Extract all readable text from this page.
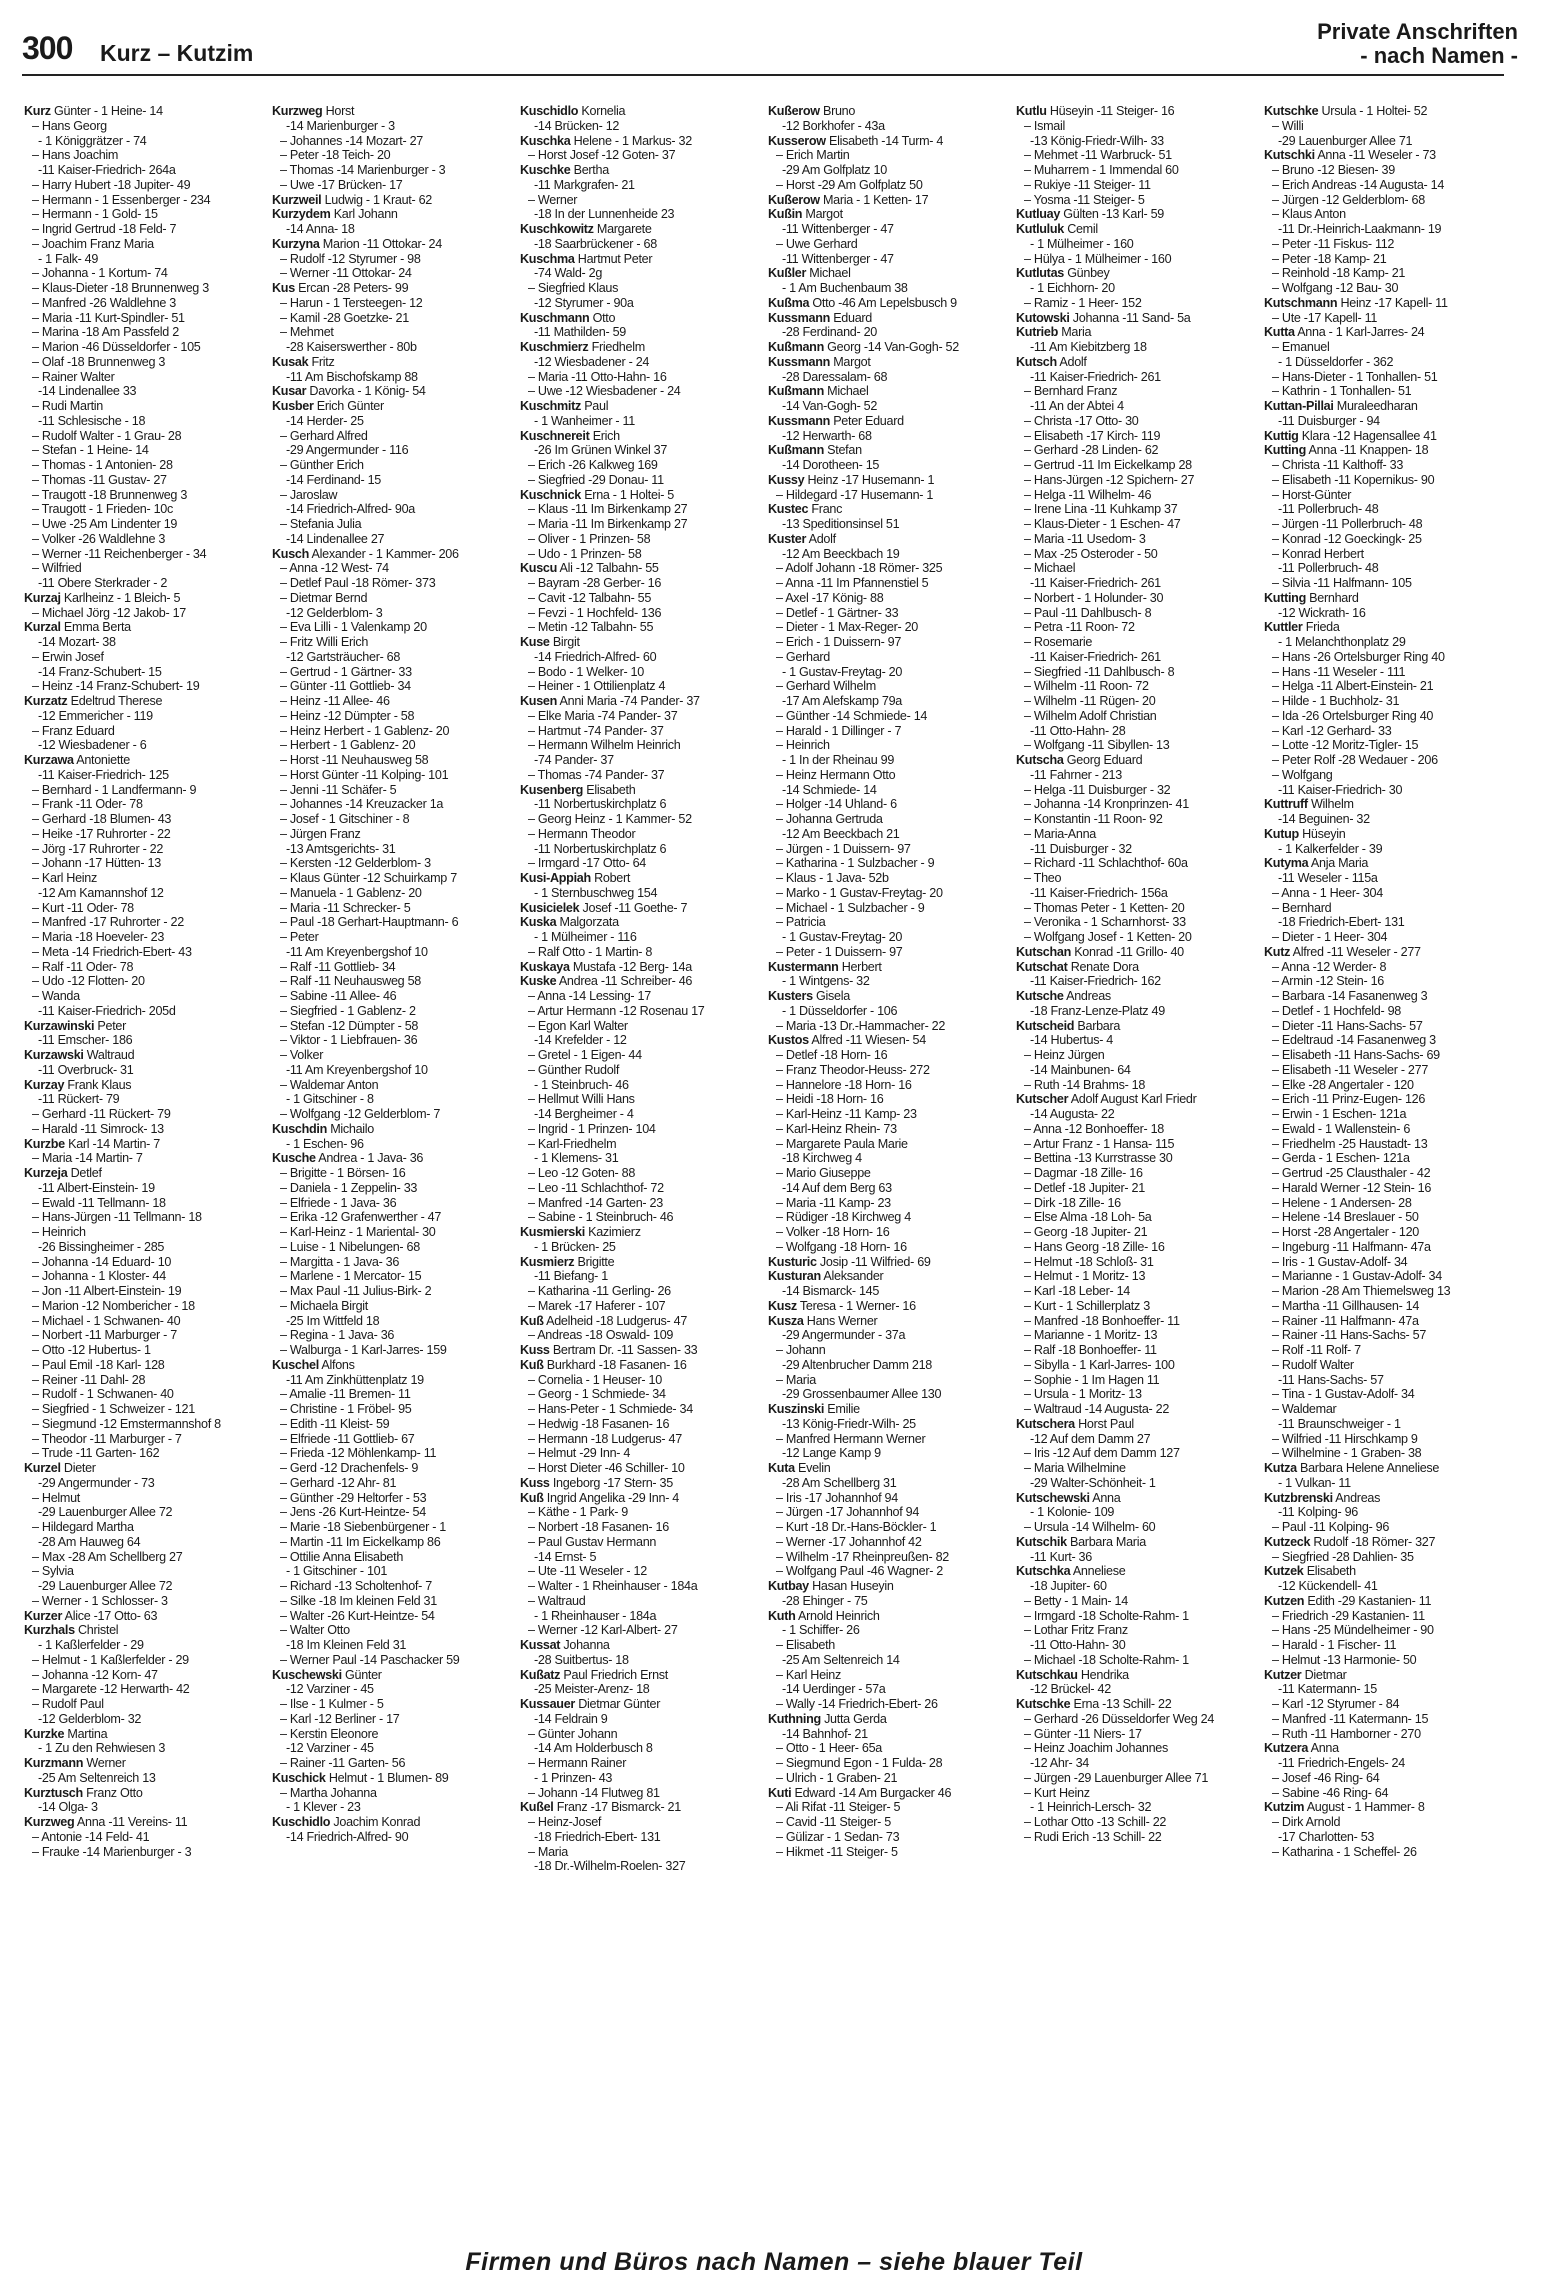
300 Kurz – Kutzim
Private Anschriften
- nach Namen -
Kurz Günter - 1 Heine- 14
– Hans Georg
- 1 Königgrätzer - 74
– Hans Joachim
-11 Kaiser-Friedrich- 264a
– Harry Hubert -18 Jupiter- 49
– Hermann - 1 Essenberger - 234
– Hermann - 1 Gold- 15
– Ingrid Gertrud -18 Feld- 7
– Joachim Franz Maria
- 1 Falk- 49
– Johanna - 1 Kortum- 74
– Klaus-Dieter -18 Brunnenweg 3
– Manfred -26 Waldlehne 3
– Maria -11 Kurt-Spindler- 51
– Marina -18 Am Passfeld 2
– Marion -46 Düsseldorfer - 105
– Olaf -18 Brunnenweg 3
– Rainer Walter
-14 Lindenallee 33
– Rudi Martin
-11 Schlesische - 18
– Rudolf Walter - 1 Grau- 28
– Stefan - 1 Heine- 14
– Thomas - 1 Antonien- 28
– Thomas -11 Gustav- 27
– Traugott -18 Brunnenweg 3
– Traugott - 1 Frieden- 10c
– Uwe -25 Am Lindenter 19
– Volker -26 Waldlehne 3
– Werner -11 Reichenberger - 34
– Wilfried
-11 Obere Sterkrader - 2
Kurzaj Karlheinz - 1 Bleich- 5
– Michael Jörg -12 Jakob- 17
Kurzal Emma Berta
-14 Mozart- 38
– Erwin Josef
-14 Franz-Schubert- 15
– Heinz -14 Franz-Schubert- 19
Kurzatz Edeltrud Therese
-12 Emmericher - 119
– Franz Eduard
-12 Wiesbadener - 6
Kurzawa Antoniette
-11 Kaiser-Friedrich- 125
– Bernhard - 1 Landfermann- 9
– Frank -11 Oder- 78
– Gerhard -18 Blumen- 43
– Heike -17 Ruhrorter - 22
– Jörg -17 Ruhrorter - 22
– Johann -17 Hütten- 13
– Karl Heinz
-12 Am Kamannshof 12
– Kurt -11 Oder- 78
– Manfred -17 Ruhrorter - 22
– Maria -18 Hoeveler- 23
– Meta -14 Friedrich-Ebert- 43
– Ralf -11 Oder- 78
– Udo -12 Flotten- 20
– Wanda
-11 Kaiser-Friedrich- 205d
Kurzawinski Peter
-11 Emscher- 186
Kurzawski Waltraud
-11 Overbruck- 31
Kurzay Frank Klaus
-11 Rückert- 79
– Gerhard -11 Rückert- 79
– Harald -11 Simrock- 13
Kurzbe Karl -14 Martin- 7
– Maria -14 Martin- 7
Kurzeja Detlef
-11 Albert-Einstein- 19
– Ewald -11 Tellmann- 18
– Hans-Jürgen -11 Tellmann- 18
– Heinrich
-26 Bissingheimer - 285
– Johanna -14 Eduard- 10
– Johanna - 1 Kloster- 44
– Jon -11 Albert-Einstein- 19
– Marion -12 Nombericher - 18
– Michael - 1 Schwanen- 40
– Norbert -11 Marburger - 7
– Otto -12 Hubertus- 1
– Paul Emil -18 Karl- 128
– Reiner -11 Dahl- 28
– Rudolf - 1 Schwanen- 40
– Siegfried - 1 Schweizer - 121
– Siegmund -12 Emstermannshof 8
– Theodor -11 Marburger - 7
– Trude -11 Garten- 162
Kurzel Dieter
-29 Angermunder - 73
– Helmut
-29 Lauenburger Allee 72
– Hildegard Martha
-28 Am Hauweg 64
– Max -28 Am Schellberg 27
– Sylvia
-29 Lauenburger Allee 72
– Werner - 1 Schlosser- 3
Kurzer Alice -17 Otto- 63
Kurzhals Christel
- 1 Kaßlerfelder - 29
– Helmut - 1 Kaßlerfelder - 29
– Johanna -12 Korn- 47
– Margarete -12 Herwarth- 42
– Rudolf Paul
-12 Gelderblom- 32
Kurzke Martina
- 1 Zu den Rehwiesen 3
Kurzmann Werner
-25 Am Seltenreich 13
Kurztusch Franz Otto
-14 Olga- 3
Kurzweg Anna -11 Vereins- 11
– Antonie -14 Feld- 41
– Frauke -14 Marienburger - 3
Kurzweg Horst
-14 Marienburger - 3
– Johannes -14 Mozart- 27
– Peter -18 Teich- 20
– Thomas -14 Marienburger - 3
– Uwe -17 Brücken- 17
Kurzweil Ludwig - 1 Kraut- 62
Kurzydem Karl Johann
-14 Anna- 18
Kurzyna Marion -11 Ottokar- 24
– Rudolf -12 Styrumer - 98
– Werner -11 Ottokar- 24
Kus Ercan -28 Peters- 99
– Harun - 1 Tersteegen- 12
– Kamil -28 Goetzke- 21
– Mehmet
-28 Kaiserswerther - 80b
Kusak Fritz
-11 Am Bischofskamp 88
Kusar Davorka - 1 König- 54
Kusber Erich Günter
-14 Herder- 25
– Gerhard Alfred
-29 Angermunder - 116
– Günther Erich
-14 Ferdinand- 15
– Jaroslaw
-14 Friedrich-Alfred- 90a
– Stefania Julia
-14 Lindenallee 27
Kusch Alexander - 1 Kammer- 206
– Anna -12 West- 74
– Detlef Paul -18 Römer- 373
– Dietmar Bernd
-12 Gelderblom- 3
– Eva Lilli - 1 Valenkamp 20
– Fritz Willi Erich
-12 Gartsträucher- 68
– Gertrud - 1 Gärtner- 33
– Günter -11 Gottlieb- 34
– Heinz -11 Allee- 46
– Heinz -12 Dümpter - 58
– Heinz Herbert - 1 Gablenz- 20
– Herbert - 1 Gablenz- 20
– Horst -11 Neuhausweg 58
– Horst Günter -11 Kolping- 101
– Jenni -11 Schäfer- 5
– Johannes -14 Kreuzacker 1a
– Josef - 1 Gitschiner - 8
– Jürgen Franz
-13 Amtsgerichts- 31
– Kersten -12 Gelderblom- 3
– Klaus Günter -12 Schuirkamp 7
– Manuela - 1 Gablenz- 20
– Maria -11 Schrecker- 5
– Paul -18 Gerhart-Hauptmann- 6
– Peter
-11 Am Kreyenbergshof 10
– Ralf -11 Gottlieb- 34
– Ralf -11 Neuhausweg 58
– Sabine -11 Allee- 46
– Siegfried - 1 Gablenz- 2
– Stefan -12 Dümpter - 58
– Viktor - 1 Liebfrauen- 36
– Volker
-11 Am Kreyenbergshof 10
– Waldemar Anton
- 1 Gitschiner - 8
– Wolfgang -12 Gelderblom- 7
Kuschdin Michailo
- 1 Eschen- 96
Kusche Andrea - 1 Java- 36
– Brigitte - 1 Börsen- 16
– Daniela - 1 Zeppelin- 33
– Elfriede - 1 Java- 36
– Erika -12 Grafenwerther - 47
– Karl-Heinz - 1 Mariental- 30
– Luise - 1 Nibelungen- 68
– Margitta - 1 Java- 36
– Marlene - 1 Mercator- 15
– Max Paul -11 Julius-Birk- 2
– Michaela Birgit
-25 Im Wittfeld 18
– Regina - 1 Java- 36
– Walburga - 1 Karl-Jarres- 159
Kuschel Alfons
-11 Am Zinkhüttenplatz 19
– Amalie -11 Bremen- 11
– Christine - 1 Fröbel- 95
– Edith -11 Kleist- 59
– Elfriede -11 Gottlieb- 67
– Frieda -12 Möhlenkamp- 11
– Gerd -12 Drachenfels- 9
– Gerhard -12 Ahr- 81
– Günther -29 Heltorfer - 53
– Jens -26 Kurt-Heintze- 54
– Marie -18 Siebenbürgener - 1
– Martin -11 Im Eickelkamp 86
– Ottilie Anna Elisabeth
- 1 Gitschiner - 101
– Richard -13 Scholtenhof- 7
– Silke -18 Im kleinen Feld 31
– Walter -26 Kurt-Heintze- 54
– Walter Otto
-18 Im Kleinen Feld 31
– Werner Paul -14 Paschacker 59
Kuschewski Günter
-12 Varziner - 45
– Ilse - 1 Kulmer - 5
– Karl -12 Berliner - 17
– Kerstin Eleonore
-12 Varziner - 45
– Rainer -11 Garten- 56
Kuschick Helmut - 1 Blumen- 89
– Martha Johanna
- 1 Klever - 23
Kuschidlo Joachim Konrad
-14 Friedrich-Alfred- 90
Kuschidlo Kornelia
-14 Brücken- 12
Kuschka Helene - 1 Markus- 32
– Horst Josef -12 Goten- 37
Kuschke Bertha
-11 Markgrafen- 21
– Werner
-18 In der Lunnenheide 23
Kuschkowitz Margarete
-18 Saarbrückener - 68
Kuschma Hartmut Peter
-74 Wald- 2g
– Siegfried Klaus
-12 Styrumer - 90a
Kuschmann Otto
-11 Mathilden- 59
Kuschmierz Friedhelm
-12 Wiesbadener - 24
– Maria -11 Otto-Hahn- 16
– Uwe -12 Wiesbadener - 24
Kuschmitz Paul
- 1 Wanheimer - 11
Kuschnereit Erich
-26 Im Grünen Winkel 37
– Erich -26 Kalkweg 169
– Siegfried -29 Donau- 11
Kuschnick Erna - 1 Holtei- 5
– Klaus -11 Im Birkenkamp 27
– Maria -11 Im Birkenkamp 27
– Oliver - 1 Prinzen- 58
– Udo - 1 Prinzen- 58
Kuscu Ali -12 Talbahn- 55
– Bayram -28 Gerber- 16
– Cavit -12 Talbahn- 55
– Fevzi - 1 Hochfeld- 136
– Metin -12 Talbahn- 55
Kuse Birgit
-14 Friedrich-Alfred- 60
– Bodo - 1 Welker- 10
– Heiner - 1 Ottilienplatz 4
Kusen Anni Maria -74 Pander- 37
– Elke Maria -74 Pander- 37
– Hartmut -74 Pander- 37
– Hermann Wilhelm Heinrich
-74 Pander- 37
– Thomas -74 Pander- 37
Kusenberg Elisabeth
-11 Norbertuskirchplatz 6
– Georg Heinz - 1 Kammer- 52
– Hermann Theodor
-11 Norbertuskirchplatz 6
– Irmgard -17 Otto- 64
Kusi-Appiah Robert
- 1 Sternbuschweg 154
Kusicielek Josef -11 Goethe- 7
Kuska Malgorzata
- 1 Mülheimer - 116
– Ralf Otto - 1 Martin- 8
Kuskaya Mustafa -12 Berg- 14a
Kuske Andrea -11 Schreiber- 46
– Anna -14 Lessing- 17
– Artur Hermann -12 Rosenau 17
– Egon Karl Walter
-14 Krefelder - 12
– Gretel - 1 Eigen- 44
– Günther Rudolf
- 1 Steinbruch- 46
– Hellmut Willi Hans
-14 Bergheimer - 4
– Ingrid - 1 Prinzen- 104
– Karl-Friedhelm
- 1 Klemens- 31
– Leo -12 Goten- 88
– Leo -11 Schlachthof- 72
– Manfred -14 Garten- 23
– Sabine - 1 Steinbruch- 46
Kusmierski Kazimierz
- 1 Brücken- 25
Kusmierz Brigitte
-11 Biefang- 1
– Katharina -11 Gerling- 26
– Marek -17 Haferer - 107
Kuß Adelheid -18 Ludgerus- 47
– Andreas -18 Oswald- 109
Kuss Bertram Dr. -11 Sassen- 33
Kuß Burkhard -18 Fasanen- 16
– Cornelia - 1 Heuser- 10
– Georg - 1 Schmiede- 34
– Hans-Peter - 1 Schmiede- 34
– Hedwig -18 Fasanen- 16
– Hermann -18 Ludgerus- 47
– Helmut -29 Inn- 4
– Horst Dieter -46 Schiller- 10
Kuss Ingeborg -17 Stern- 35
Kuß Ingrid Angelika -29 Inn- 4
– Käthe - 1 Park- 9
– Norbert -18 Fasanen- 16
– Paul Gustav Hermann
-14 Ernst- 5
– Ute -11 Weseler - 12
– Walter - 1 Rheinhauser - 184a
– Waltraud
- 1 Rheinhauser - 184a
– Werner -12 Karl-Albert- 27
Kussat Johanna
-28 Suitbertus- 18
Kußatz Paul Friedrich Ernst
-25 Meister-Arenz- 18
Kussauer Dietmar Günter
-14 Feldrain 9
– Günter Johann
-14 Am Holderbusch 8
– Hermann Rainer
- 1 Prinzen- 43
– Johann -14 Flutweg 81
Kußel Franz -17 Bismarck- 21
– Heinz-Josef
-18 Friedrich-Ebert- 131
– Maria
-18 Dr.-Wilhelm-Roelen- 327
Kußerow Bruno
-12 Borkhofer - 43a
Kusserow Elisabeth -14 Turm- 4
– Erich Martin
-29 Am Golfplatz 10
– Horst -29 Am Golfplatz 50
Kußerow Maria - 1 Ketten- 17
Kußin Margot
-11 Wittenberger - 47
– Uwe Gerhard
-11 Wittenberger - 47
Kußler Michael
- 1 Am Buchenbaum 38
Kußma Otto -46 Am Lepelsbusch 9
Kussmann Eduard
-28 Ferdinand- 20
Kußmann Georg -14 Van-Gogh- 52
Kussmann Margot
-28 Daressalam- 68
Kußmann Michael
-14 Van-Gogh- 52
Kussmann Peter Eduard
-12 Herwarth- 68
Kußmann Stefan
-14 Dorotheen- 15
Kussy Heinz -17 Husemann- 1
– Hildegard -17 Husemann- 1
Kustec Franc
-13 Speditionsinsel 51
Kuster Adolf
-12 Am Beeckbach 19
– Adolf Johann -18 Römer- 325
– Anna -11 Im Pfannenstiel 5
– Axel -17 König- 88
– Detlef - 1 Gärtner- 33
– Dieter - 1 Max-Reger- 20
– Erich - 1 Duissern- 97
– Gerhard
- 1 Gustav-Freytag- 20
– Gerhard Wilhelm
-17 Am Alefskamp 79a
– Günther -14 Schmiede- 14
– Harald - 1 Dillinger - 7
– Heinrich
- 1 In der Rheinau 99
– Heinz Hermann Otto
-14 Schmiede- 14
– Holger -14 Uhland- 6
– Johanna Gertruda
-12 Am Beeckbach 21
– Jürgen - 1 Duissern- 97
– Katharina - 1 Sulzbacher - 9
– Klaus - 1 Java- 52b
– Marko - 1 Gustav-Freytag- 20
– Michael - 1 Sulzbacher - 9
– Patricia
- 1 Gustav-Freytag- 20
– Peter - 1 Duissern- 97
Kustermann Herbert
- 1 Wintgens- 32
Kusters Gisela
- 1 Düsseldorfer - 106
– Maria -13 Dr.-Hammacher- 22
Kustos Alfred -11 Wiesen- 54
– Detlef -18 Horn- 16
– Franz Theodor-Heuss- 272
– Hannelore -18 Horn- 16
– Heidi -18 Horn- 16
– Karl-Heinz -11 Kamp- 23
– Karl-Heinz Rhein- 73
– Margarete Paula Marie
-18 Kirchweg 4
– Mario Giuseppe
-14 Auf dem Berg 63
– Maria -11 Kamp- 23
– Rüdiger -18 Kirchweg 4
– Volker -18 Horn- 16
– Wolfgang -18 Horn- 16
Kusturic Josip -11 Wilfried- 69
Kusturan Aleksander
-14 Bismarck- 145
Kusz Teresa - 1 Werner- 16
Kusza Hans Werner
-29 Angermunder - 37a
– Johann
-29 Altenbrucher Damm 218
– Maria
-29 Grossenbaumer Allee 130
Kuszinski Emilie
-13 König-Friedr-Wilh- 25
– Manfred Hermann Werner
-12 Lange Kamp 9
Kuta Evelin
-28 Am Schellberg 31
– Iris -17 Johannhof 94
– Jürgen -17 Johannhof 94
– Kurt -18 Dr.-Hans-Böckler- 1
– Werner -17 Johannhof 42
– Wilhelm -17 Rheinpreußen- 82
– Wolfgang Paul -46 Wagner- 2
Kutbay Hasan Huseyin
-28 Ehinger - 75
Kuth Arnold Heinrich
- 1 Schiffer- 26
– Elisabeth
-25 Am Seltenreich 14
– Karl Heinz
-14 Uerdinger - 57a
– Wally -14 Friedrich-Ebert- 26
Kuthning Jutta Gerda
-14 Bahnhof- 21
– Otto - 1 Heer- 65a
– Siegmund Egon - 1 Fulda- 28
– Ulrich - 1 Graben- 21
Kuti Edward -14 Am Burgacker 46
– Ali Rifat -11 Steiger- 5
– Cavid -11 Steiger- 5
– Gülizar - 1 Sedan- 73
– Hikmet -11 Steiger- 5
Kutlu Hüseyin -11 Steiger- 16
– Ismail
-13 König-Friedr-Wilh- 33
– Mehmet -11 Warbruck- 51
– Muharrem - 1 Immendal 60
– Rukiye -11 Steiger- 11
– Yosma -11 Steiger- 5
Kutluay Gülten -13 Karl- 59
Kutluluk Cemil
- 1 Mülheimer - 160
– Hülya - 1 Mülheimer - 160
Kutlutas Günbey
- 1 Eichhorn- 20
– Ramiz - 1 Heer- 152
Kutowski Johanna -11 Sand- 5a
Kutrieb Maria
-11 Am Kiebitzberg 18
Kutsch Adolf
-11 Kaiser-Friedrich- 261
– Bernhard Franz
-11 An der Abtei 4
– Christa -17 Otto- 30
– Elisabeth -17 Kirch- 119
– Gerhard -28 Linden- 62
– Gertrud -11 Im Eickelkamp 28
– Hans-Jürgen -12 Spichern- 27
– Helga -11 Wilhelm- 46
– Irene Lina -11 Kuhkamp 37
– Klaus-Dieter - 1 Eschen- 47
– Maria -11 Usedom- 3
– Max -25 Osteroder - 50
– Michael
-11 Kaiser-Friedrich- 261
– Norbert - 1 Holunder- 30
– Paul -11 Dahlbusch- 8
– Petra -11 Roon- 72
– Rosemarie
-11 Kaiser-Friedrich- 261
– Siegfried -11 Dahlbusch- 8
– Wilhelm -11 Roon- 72
– Wilhelm -11 Rügen- 20
– Wilhelm Adolf Christian
-11 Otto-Hahn- 28
– Wolfgang -11 Sibyllen- 13
Kutscha Georg Eduard
-11 Fahrner - 213
– Helga -11 Duisburger - 32
– Johanna -14 Kronprinzen- 41
– Konstantin -11 Roon- 92
– Maria-Anna
-11 Duisburger - 32
– Richard -11 Schlachthof- 60a
– Theo
-11 Kaiser-Friedrich- 156a
– Thomas Peter - 1 Ketten- 20
– Veronika - 1 Scharnhorst- 33
– Wolfgang Josef - 1 Ketten- 20
Kutschan Konrad -11 Grillo- 40
Kutschat Renate Dora
-11 Kaiser-Friedrich- 162
Kutsche Andreas
-18 Franz-Lenze-Platz 49
Kutscheid Barbara
-14 Hubertus- 4
– Heinz Jürgen
-14 Mainbunen- 64
– Ruth -14 Brahms- 18
Kutscher Adolf August Karl Friedr
-14 Augusta- 22
– Anna -12 Bonhoeffer- 18
– Artur Franz - 1 Hansa- 115
– Bettina -13 Kurrstrasse 30
– Dagmar -18 Zille- 16
– Detlef -18 Jupiter- 21
– Dirk -18 Zille- 16
– Else Alma -18 Loh- 5a
– Georg -18 Jupiter- 21
– Hans Georg -18 Zille- 16
– Helmut -18 Schloß- 31
– Helmut - 1 Moritz- 13
– Karl -18 Leber- 14
– Kurt - 1 Schillerplatz 3
– Manfred -18 Bonhoeffer- 11
– Marianne - 1 Moritz- 13
– Ralf -18 Bonhoeffer- 11
– Sibylla - 1 Karl-Jarres- 100
– Sophie - 1 Im Hagen 11
– Ursula - 1 Moritz- 13
– Waltraud -14 Augusta- 22
Kutschera Horst Paul
-12 Auf dem Damm 27
– Iris -12 Auf dem Damm 127
– Maria Wilhelmine
-29 Walter-Schönheit- 1
Kutschewski Anna
- 1 Kolonie- 109
– Ursula -14 Wilhelm- 60
Kutschik Barbara Maria
-11 Kurt- 36
Kutschka Anneliese
-18 Jupiter- 60
– Betty - 1 Main- 14
– Irmgard -18 Scholte-Rahm- 1
– Lothar Fritz Franz
-11 Otto-Hahn- 30
– Michael -18 Scholte-Rahm- 1
Kutschkau Hendrika
-12 Brückel- 42
Kutschke Erna -13 Schill- 22
– Gerhard -26 Düsseldorfer Weg 24
– Günter -11 Niers- 17
– Heinz Joachim Johannes
-12 Ahr- 34
– Jürgen -29 Lauenburger Allee 71
– Kurt Heinz
- 1 Heinrich-Lersch- 32
– Lothar Otto -13 Schill- 22
– Rudi Erich -13 Schill- 22
Kutschke Ursula - 1 Holtei- 52
– Willi
-29 Lauenburger Allee 71
Kutschki Anna -11 Weseler - 73
– Bruno -12 Biesen- 39
– Erich Andreas -14 Augusta- 14
– Jürgen -12 Gelderblom- 68
– Klaus Anton
-11 Dr.-Heinrich-Laakmann- 19
– Peter -11 Fiskus- 112
– Peter -18 Kamp- 21
– Reinhold -18 Kamp- 21
– Wolfgang -12 Bau- 30
Kutschmann Heinz -17 Kapell- 11
– Ute -17 Kapell- 11
Kutta Anna - 1 Karl-Jarres- 24
– Emanuel
- 1 Düsseldorfer - 362
– Hans-Dieter - 1 Tonhallen- 51
– Kathrin - 1 Tonhallen- 51
Kuttan-Pillai Muraleedharan
-11 Duisburger - 94
Kuttig Klara -12 Hagensallee 41
Kutting Anna -11 Knappen- 18
– Christa -11 Kalthoff- 33
– Elisabeth -11 Kopernikus- 90
– Horst-Günter
-11 Pollerbruch- 48
– Jürgen -11 Pollerbruch- 48
– Konrad -12 Goeckingk- 25
– Konrad Herbert
-11 Pollerbruch- 48
– Silvia -11 Halfmann- 105
Kutting Bernhard
-12 Wickrath- 16
Kuttler Frieda
- 1 Melanchthonplatz 29
– Hans -26 Ortelsburger Ring 40
– Hans -11 Weseler - 111
– Helga -11 Albert-Einstein- 21
– Hilde - 1 Buchholz- 31
– Ida -26 Ortelsburger Ring 40
– Karl -12 Gerhard- 33
– Lotte -12 Moritz-Tigler- 15
– Peter Rolf -28 Wedauer - 206
– Wolfgang
-11 Kaiser-Friedrich- 30
Kuttruff Wilhelm
-14 Beguinen- 32
Kutup Hüseyin
- 1 Kalkerfelder - 39
Kutyma Anja Maria
-11 Weseler - 115a
– Anna - 1 Heer- 304
– Bernhard
-18 Friedrich-Ebert- 131
– Dieter - 1 Heer- 304
Kutz Alfred -11 Weseler - 277
– Anna -12 Werder- 8
– Armin -12 Stein- 16
– Barbara -14 Fasanenweg 3
– Detlef - 1 Hochfeld- 98
– Dieter -11 Hans-Sachs- 57
– Edeltraud -14 Fasanenweg 3
– Elisabeth -11 Hans-Sachs- 69
– Elisabeth -11 Weseler - 277
– Elke -28 Angertaler - 120
– Erich -11 Prinz-Eugen- 126
– Erwin - 1 Eschen- 121a
– Ewald - 1 Wallenstein- 6
– Friedhelm -25 Haustadt- 13
– Gerda - 1 Eschen- 121a
– Gertrud -25 Clausthaler - 42
– Harald Werner -12 Stein- 16
– Helene - 1 Andersen- 28
– Helene -14 Breslauer - 50
– Horst -28 Angertaler - 120
– Ingeburg -11 Halfmann- 47a
– Iris - 1 Gustav-Adolf- 34
– Marianne - 1 Gustav-Adolf- 34
– Marion -28 Am Thiemelsweg 13
– Martha -11 Gillhausen- 14
– Rainer -11 Halfmann- 47a
– Rainer -11 Hans-Sachs- 57
– Rolf -11 Rolf- 7
– Rudolf Walter
-11 Hans-Sachs- 57
– Tina - 1 Gustav-Adolf- 34
– Waldemar
-11 Braunschweiger - 1
– Wilfried -11 Hirschkamp 9
– Wilhelmine - 1 Graben- 38
Kutza Barbara Helene Anneliese
- 1 Vulkan- 11
Kutzbrenski Andreas
-11 Kolping- 96
– Paul -11 Kolping- 96
Kutzeck Rudolf -18 Römer- 327
– Siegfried -28 Dahlien- 35
Kutzek Elisabeth
-12 Kückendell- 41
Kutzen Edith -29 Kastanien- 11
– Friedrich -29 Kastanien- 11
– Hans -25 Mündelheimer - 90
– Harald - 1 Fischer- 11
– Helmut -13 Harmonie- 50
Kutzer Dietmar
-11 Katermann- 15
– Karl -12 Styrumer - 84
– Manfred -11 Katermann- 15
– Ruth -11 Hamborner - 270
Kutzera Anna
-11 Friedrich-Engels- 24
– Josef -46 Ring- 64
– Sabine -46 Ring- 64
Kutzim August - 1 Hammer- 8
– Dirk Arnold
-17 Charlotten- 53
– Katharina - 1 Scheffel- 26
Firmen und Büros nach Namen – siehe blauer Teil
